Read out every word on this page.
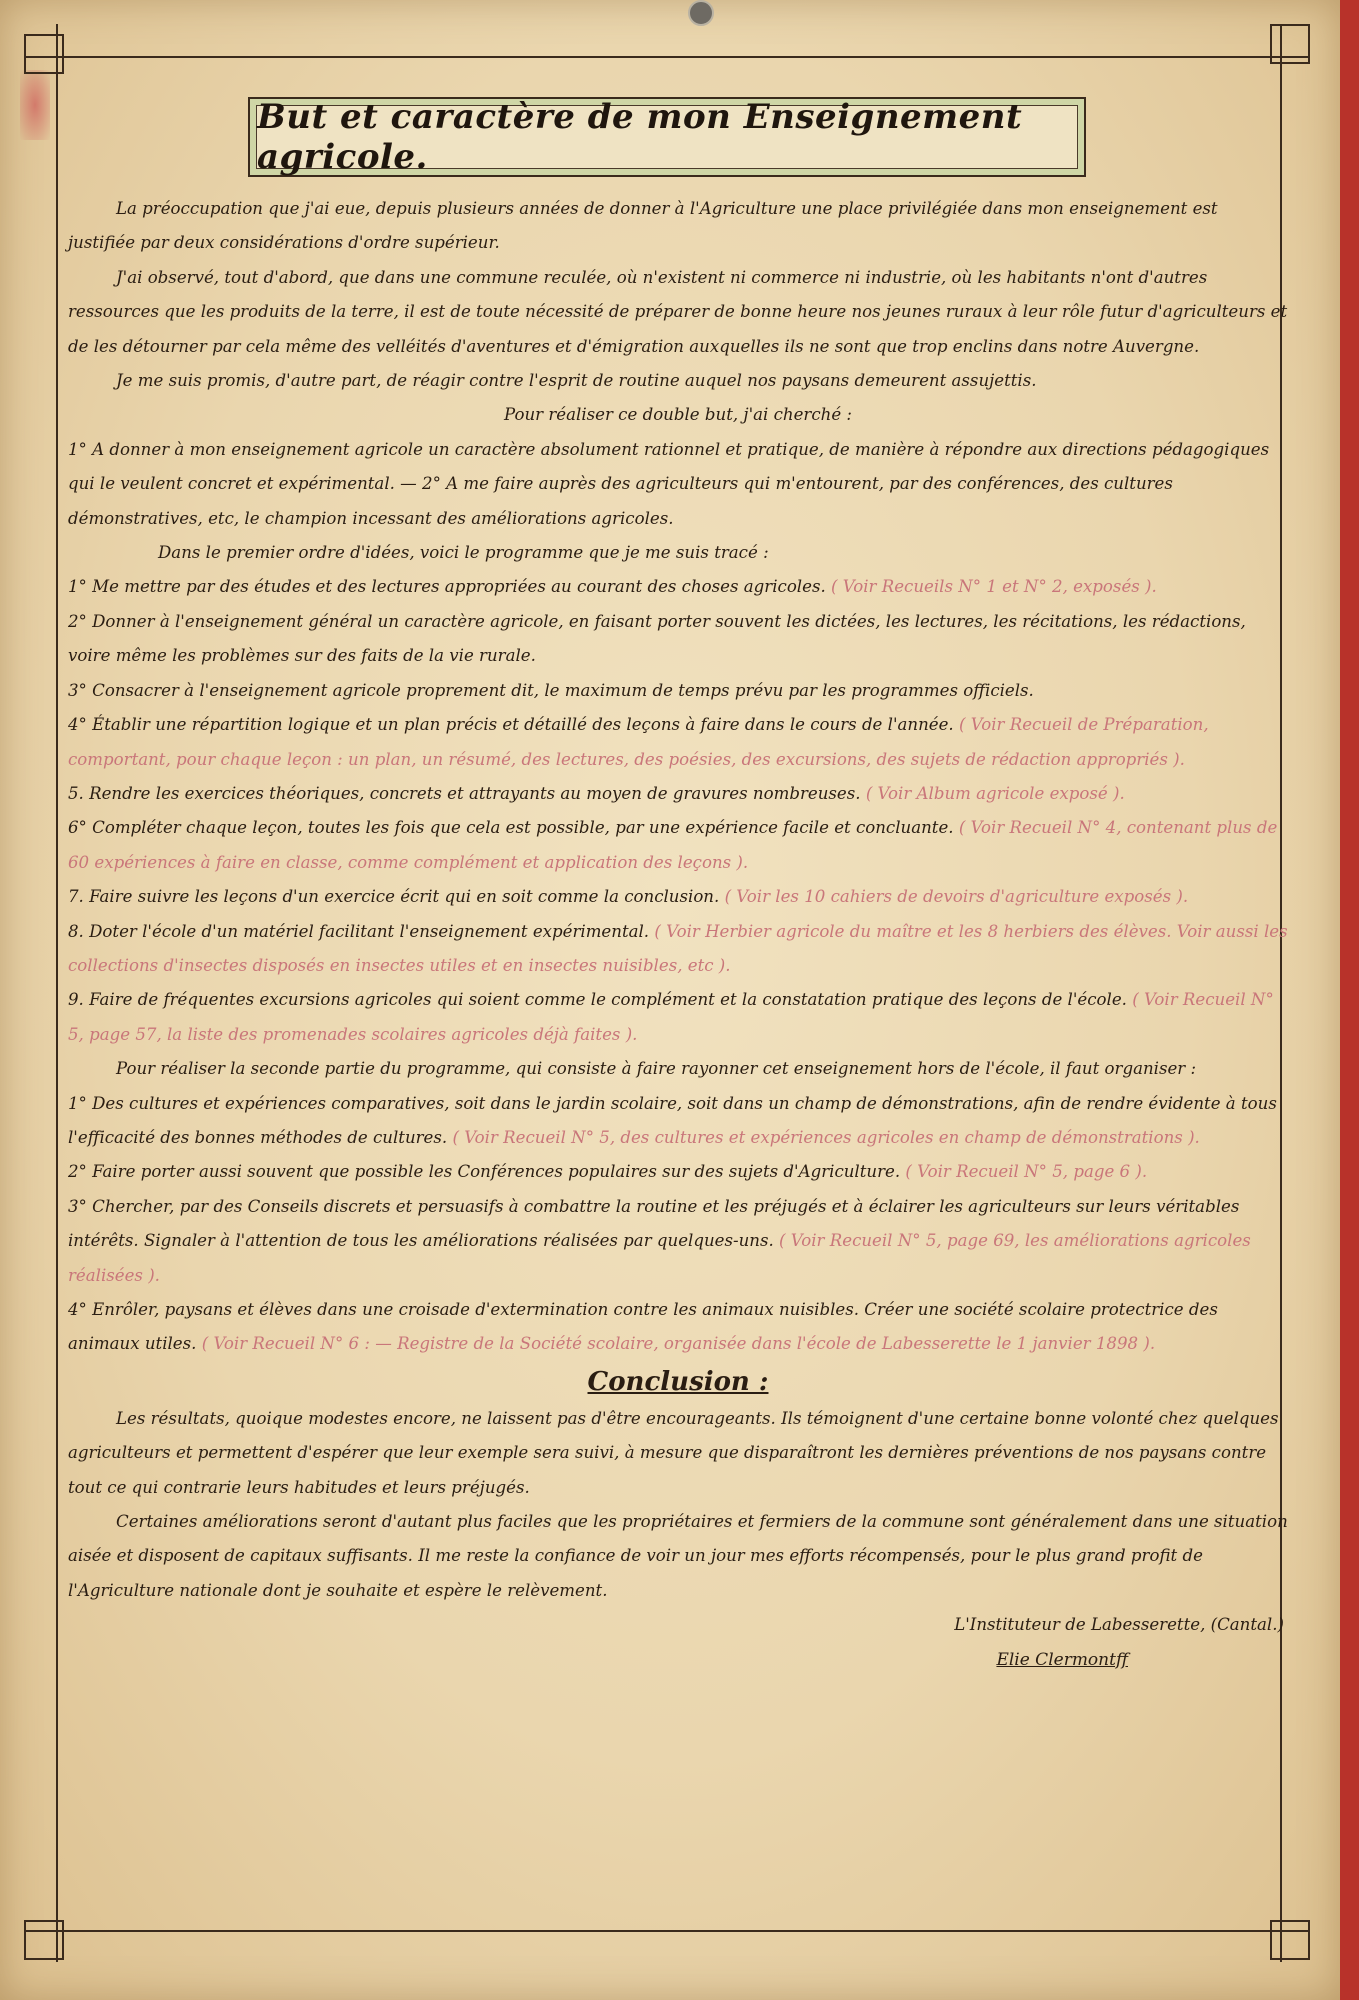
But et caractère de mon Enseignement agricole.

La préoccupation que j'ai eue, depuis plusieurs années de donner à l'Agriculture une place privilégiée dans mon enseignement est justifiée par deux considérations d'ordre supérieur.

J'ai observé, tout d'abord, que dans une commune reculée, où n'existent ni commerce ni industrie, où les habitants n'ont d'autres ressources que les produits de la terre, il est de toute nécessité de préparer de bonne heure nos jeunes ruraux à leur rôle futur d'agriculteurs et de les détourner par cela même des velléités d'aventures et d'émigration auxquelles ils ne sont que trop enclins dans notre Auvergne.

Je me suis promis, d'autre part, de réagir contre l'esprit de routine auquel nos paysans demeurent assujettis.

Pour réaliser ce double but, j'ai cherché :

1° A donner à mon enseignement agricole un caractère absolument rationnel et pratique, de manière à répondre aux directions pédagogiques qui le veulent concret et expérimental. — 2° A me faire auprès des agriculteurs qui m'entourent, par des conférences, des cultures démonstratives, etc, le champion incessant des améliorations agricoles.

Dans le premier ordre d'idées, voici le programme que je me suis tracé :

1° Me mettre par des études et des lectures appropriées au courant des choses agricoles. ( Voir Recueils N° 1 et N° 2, exposés ).

2° Donner à l'enseignement général un caractère agricole, en faisant porter souvent les dictées, les lectures, les récitations, les rédactions, voire même les problèmes sur des faits de la vie rurale.

3° Consacrer à l'enseignement agricole proprement dit, le maximum de temps prévu par les programmes officiels.

4° Établir une répartition logique et un plan précis et détaillé des leçons à faire dans le cours de l'année. ( Voir Recueil de Préparation, comportant, pour chaque leçon : un plan, un résumé, des lectures, des poésies, des excursions, des sujets de rédaction appropriés ).

5. Rendre les exercices théoriques, concrets et attrayants au moyen de gravures nombreuses. ( Voir Album agricole exposé ).

6° Compléter chaque leçon, toutes les fois que cela est possible, par une expérience facile et concluante. ( Voir Recueil N° 4, contenant plus de 60 expériences à faire en classe, comme complément et application des leçons ).

7. Faire suivre les leçons d'un exercice écrit qui en soit comme la conclusion. ( Voir les 10 cahiers de devoirs d'agriculture exposés ).

8. Doter l'école d'un matériel facilitant l'enseignement expérimental. ( Voir Herbier agricole du maître et les 8 herbiers des élèves. Voir aussi les collections d'insectes disposés en insectes utiles et en insectes nuisibles, etc ).

9. Faire de fréquentes excursions agricoles qui soient comme le complément et la constatation pratique des leçons de l'école. ( Voir Recueil N° 5, page 57, la liste des promenades scolaires agricoles déjà faites ).

Pour réaliser la seconde partie du programme, qui consiste à faire rayonner cet enseignement hors de l'école, il faut organiser :

1° Des cultures et expériences comparatives, soit dans le jardin scolaire, soit dans un champ de démonstrations, afin de rendre évidente à tous l'efficacité des bonnes méthodes de cultures. ( Voir Recueil N° 5, des cultures et expériences agricoles en champ de démonstrations ).

2° Faire porter aussi souvent que possible les Conférences populaires sur des sujets d'Agriculture. ( Voir Recueil N° 5, page 6 ).

3° Chercher, par des Conseils discrets et persuasifs à combattre la routine et les préjugés et à éclairer les agriculteurs sur leurs véritables intérêts. Signaler à l'attention de tous les améliorations réalisées par quelques-uns. ( Voir Recueil N° 5, page 69, les améliorations agricoles réalisées ).

4° Enrôler, paysans et élèves dans une croisade d'extermination contre les animaux nuisibles. Créer une société scolaire protectrice des animaux utiles. ( Voir Recueil N° 6 : — Registre de la Société scolaire, organisée dans l'école de Labesserette le 1 janvier 1898 ).

Conclusion :

Les résultats, quoique modestes encore, ne laissent pas d'être encourageants. Ils témoignent d'une certaine bonne volonté chez quelques agriculteurs et permettent d'espérer que leur exemple sera suivi, à mesure que disparaîtront les dernières préventions de nos paysans contre tout ce qui contrarie leurs habitudes et leurs préjugés.

Certaines améliorations seront d'autant plus faciles que les propriétaires et fermiers de la commune sont généralement dans une situation aisée et disposent de capitaux suffisants. Il me reste la confiance de voir un jour mes efforts récompensés, pour le plus grand profit de l'Agriculture nationale dont je souhaite et espère le relèvement.

L'Instituteur de Labesserette, (Cantal.)

Elie Clermontff
